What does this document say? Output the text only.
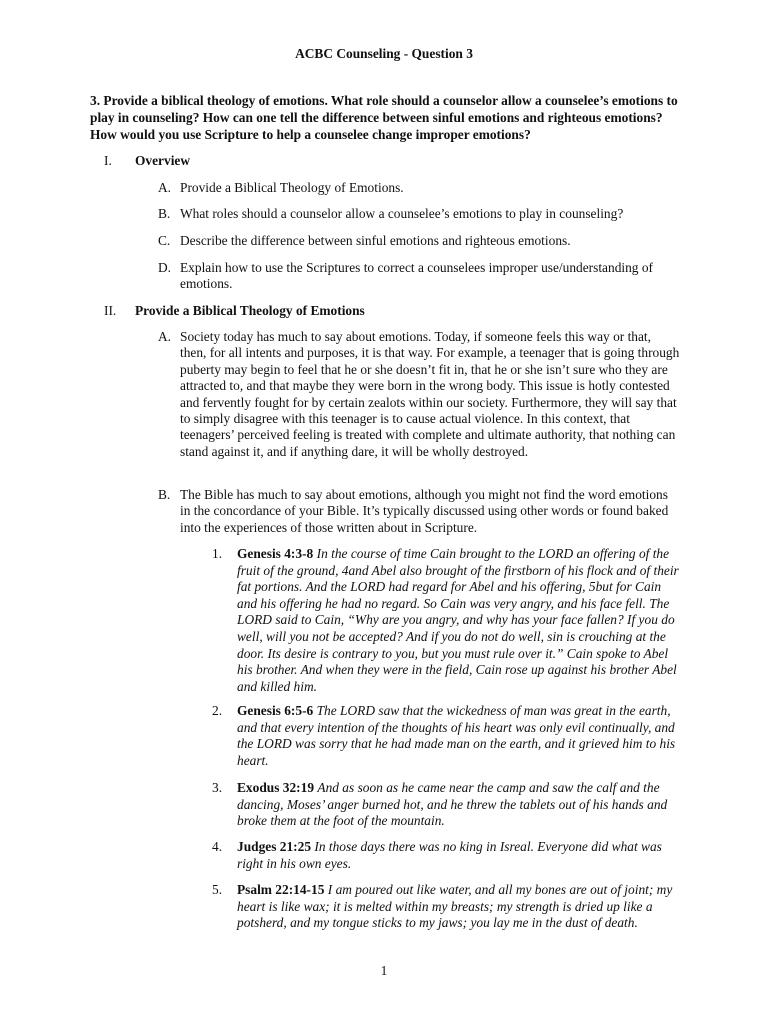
ACBC Counseling - Question 3
3. Provide a biblical theology of emotions. What role should a counselor allow a counselee’s emotions to play in counseling? How can one tell the difference between sinful emotions and righteous emotions? How would you use Scripture to help a counselee change improper emotions?
I. Overview
A. Provide a Biblical Theology of Emotions.
B. What roles should a counselor allow a counselee’s emotions to play in counseling?
C. Describe the difference between sinful emotions and righteous emotions.
D. Explain how to use the Scriptures to correct a counselees improper use/understanding of emotions.
II. Provide a Biblical Theology of Emotions
A. Society today has much to say about emotions. Today, if someone feels this way or that, then, for all intents and purposes, it is that way. For example, a teenager that is going through puberty may begin to feel that he or she doesn’t fit in, that he or she isn’t sure who they are attracted to, and that maybe they were born in the wrong body. This issue is hotly contested and fervently fought for by certain zealots within our society. Furthermore, they will say that to simply disagree with this teenager is to cause actual violence. In this context, that teenagers’ perceived feeling is treated with complete and ultimate authority, that nothing can stand against it, and if anything dare, it will be wholly destroyed.
B. The Bible has much to say about emotions, although you might not find the word emotions in the concordance of your Bible. It’s typically discussed using other words or found baked into the experiences of those written about in Scripture.
1. Genesis 4:3-8 In the course of time Cain brought to the LORD an offering of the fruit of the ground, 4and Abel also brought of the firstborn of his flock and of their fat portions. And the LORD had regard for Abel and his offering, 5but for Cain and his offering he had no regard. So Cain was very angry, and his face fell. The LORD said to Cain, “Why are you angry, and why has your face fallen? If you do well, will you not be accepted? And if you do not do well, sin is crouching at the door. Its desire is contrary to you, but you must rule over it.” Cain spoke to Abel his brother. And when they were in the field, Cain rose up against his brother Abel and killed him.
2. Genesis 6:5-6 The LORD saw that the wickedness of man was great in the earth, and that every intention of the thoughts of his heart was only evil continually, and the LORD was sorry that he had made man on the earth, and it grieved him to his heart.
3. Exodus 32:19 And as soon as he came near the camp and saw the calf and the dancing, Moses’ anger burned hot, and he threw the tablets out of his hands and broke them at the foot of the mountain.
4. Judges 21:25 In those days there was no king in Isreal. Everyone did what was right in his own eyes.
5. Psalm 22:14-15 I am poured out like water, and all my bones are out of joint; my heart is like wax; it is melted within my breasts; my strength is dried up like a potsherd, and my tongue sticks to my jaws; you lay me in the dust of death.
1
